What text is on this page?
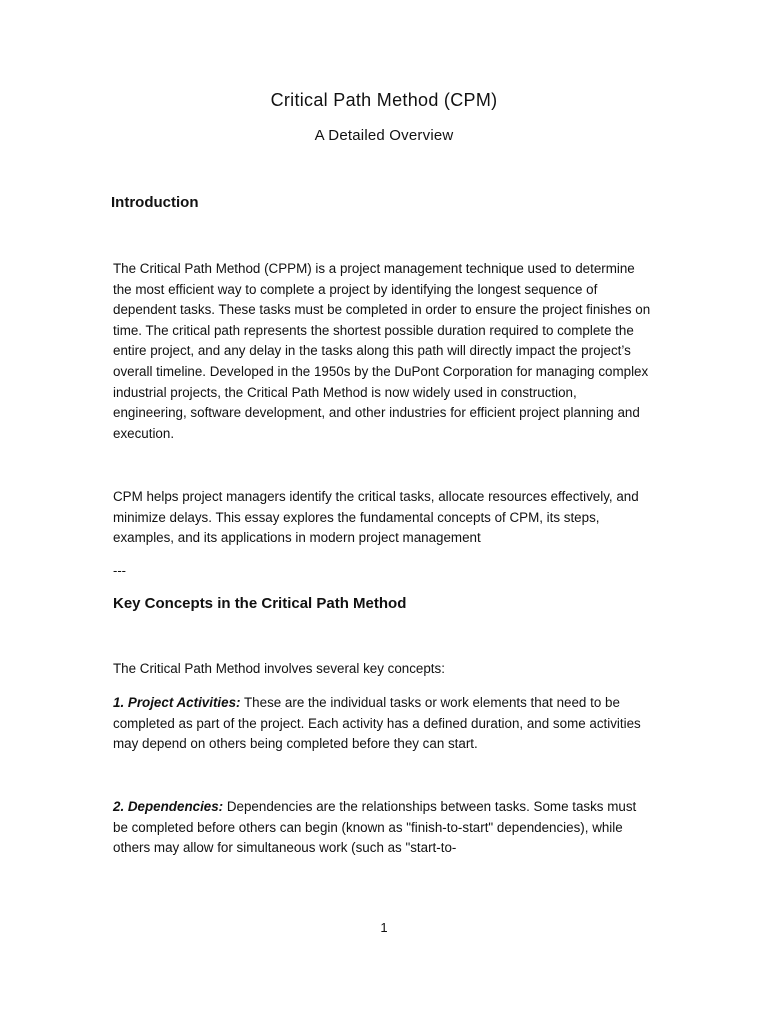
Critical Path Method (CPM)
A Detailed Overview
Introduction

The Critical Path Method (CPPM) is a project management technique used to determine the most efficient way to complete a project by identifying the longest sequence of dependent tasks. These tasks must be completed in order to ensure the project finishes on time. The critical path represents the shortest possible duration required to complete the entire project, and any delay in the tasks along this path will directly impact the project’s overall timeline. Developed in the 1950s by the DuPont Corporation for managing complex industrial projects, the Critical Path Method is now widely used in construction, engineering, software development, and other industries for efficient project planning and execution.

CPM helps project managers identify the critical tasks, allocate resources effectively, and minimize delays. This essay explores the fundamental concepts of CPM, its steps, examples, and its applications in modern project management

---
Key Concepts in the Critical Path Method

The Critical Path Method involves several key concepts:

1. Project Activities: These are the individual tasks or work elements that need to be completed as part of the project. Each activity has a defined duration, and some activities may depend on others being completed before they can start.

2. Dependencies: Dependencies are the relationships between tasks. Some tasks must be completed before others can begin (known as "finish-to-start" dependencies), while others may allow for simultaneous work (such as "start-to-

1
